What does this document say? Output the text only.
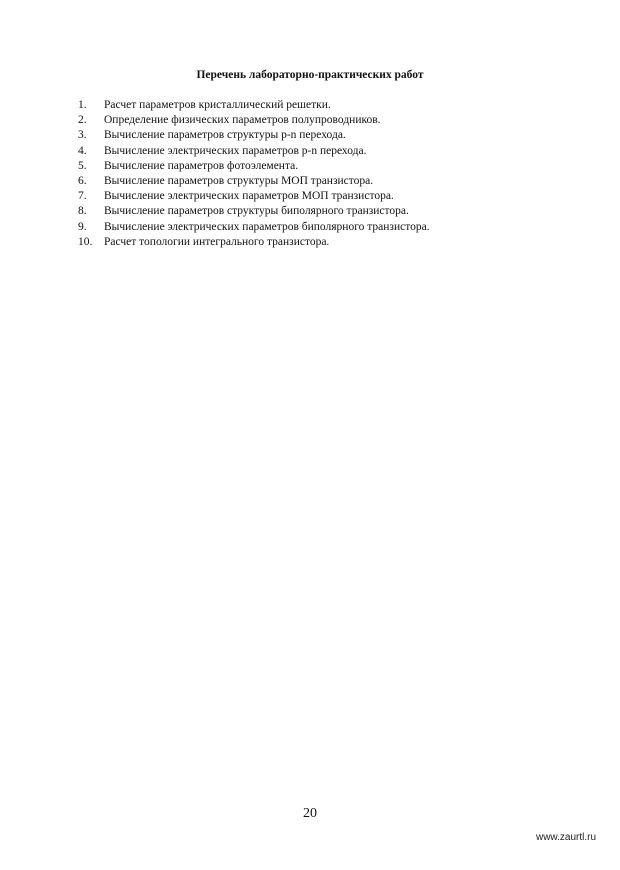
Перечень лабораторно-практических работ
1.	Расчет параметров кристаллический решетки.
2.	Определение физических параметров полупроводников.
3.	Вычисление параметров структуры p-n перехода.
4.	Вычисление электрических параметров p-n перехода.
5.	Вычисление параметров фотоэлемента.
6.	Вычисление параметров структуры МОП транзистора.
7.	Вычисление электрических параметров МОП транзистора.
8.	Вычисление параметров структуры биполярного транзистора.
9.	Вычисление электрических параметров биполярного транзистора.
10.	Расчет топологии интегрального транзистора.
20
www.zaurtl.ru
